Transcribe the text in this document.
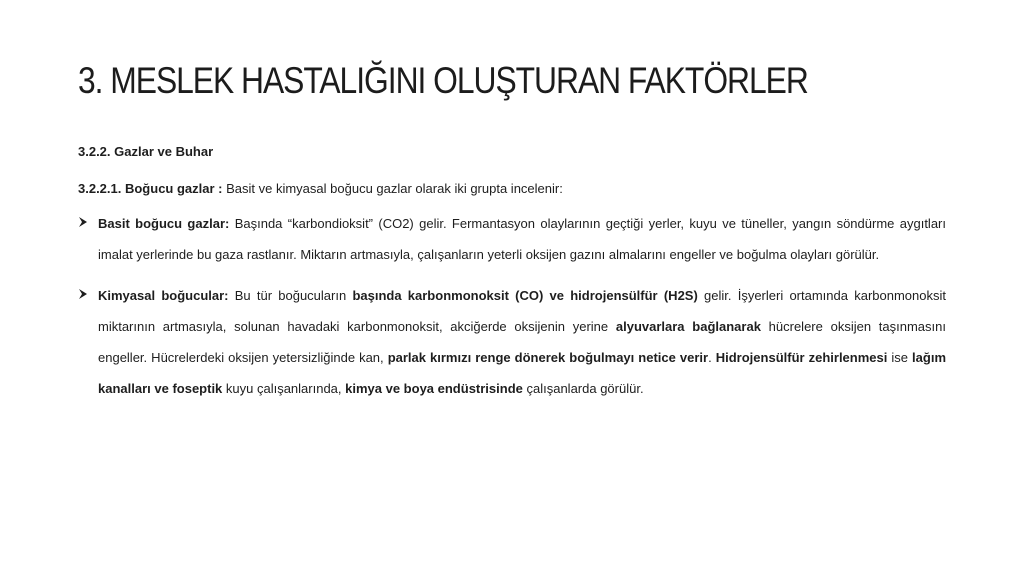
3. MESLEK HASTALIĞINI OLUŞTURAN FAKTÖRLER

3.2.2. Gazlar ve Buhar

3.2.2.1. Boğucu gazlar : Basit ve kimyasal boğucu gazlar olarak iki grupta incelenir:

Basit boğucu gazlar: Başında “karbondioksit” (CO2) gelir. Fermantasyon olaylarının geçtiği yerler, kuyu ve tüneller, yangın söndürme aygıtları imalat yerlerinde bu gaza rastlanır. Miktarın artmasıyla, çalışanların yeterli oksijen gazını almalarını engeller ve boğulma olayları görülür.

Kimyasal boğucular: Bu tür boğucuların başında karbonmonoksit (CO) ve hidrojensülfür (H2S) gelir. İşyerleri ortamında karbonmonoksit miktarının artmasıyla, solunan havadaki karbonmonoksit, akciğerde oksijenin yerine alyuvarlara bağlanarak hücrelere oksijen taşınmasını engeller. Hücrelerdeki oksijen yetersizliğinde kan, parlak kırmızı renge dönerek boğulmayı netice verir. Hidrojensülfür zehirlenmesi ise lağım kanalları ve foseptik kuyu çalışanlarında, kimya ve boya endüstrisinde çalışanlarda görülür.
